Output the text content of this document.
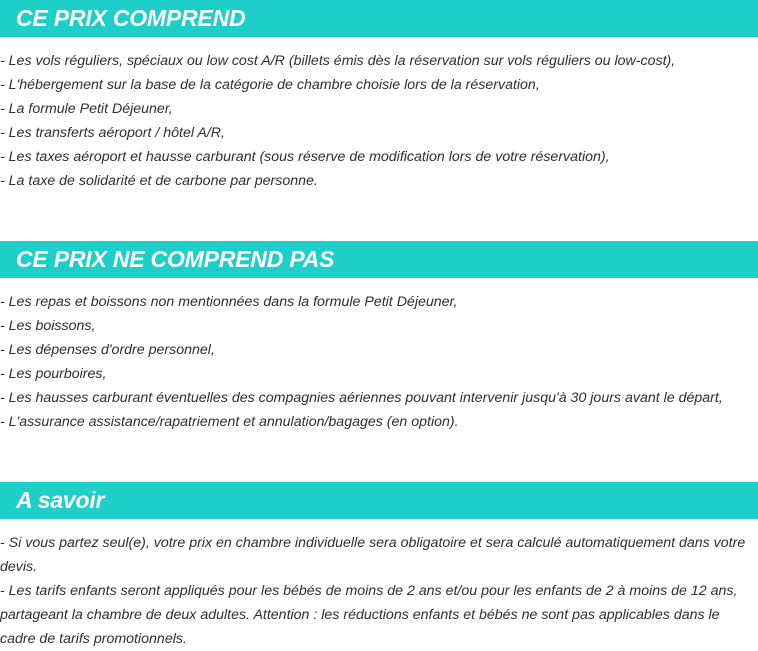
CE PRIX COMPREND
- Les vols réguliers, spéciaux ou low cost A/R (billets émis dès la réservation sur vols réguliers ou low-cost),
- L'hébergement sur la base de la catégorie de chambre choisie lors de la réservation,
- La formule Petit Déjeuner,
- Les transferts aéroport / hôtel A/R,
- Les taxes aéroport et hausse carburant (sous réserve de modification lors de votre réservation),
- La taxe de solidarité et de carbone par personne.
CE PRIX NE COMPREND PAS
- Les repas et boissons non mentionnées dans la formule Petit Déjeuner,
- Les boissons,
- Les dépenses d'ordre personnel,
- Les pourboires,
- Les hausses carburant éventuelles des compagnies aériennes pouvant intervenir jusqu'à 30 jours avant le départ,
- L'assurance assistance/rapatriement et annulation/bagages (en option).
A savoir
- Si vous partez seul(e), votre prix en chambre individuelle sera obligatoire et sera calculé automatiquement dans votre devis.
- Les tarifs enfants seront appliqués pour les bébés de moins de 2 ans et/ou pour les enfants de 2 à moins de 12 ans, partageant la chambre de deux adultes. Attention : les réductions enfants et bébés ne sont pas applicables dans le cadre de tarifs promotionnels.
